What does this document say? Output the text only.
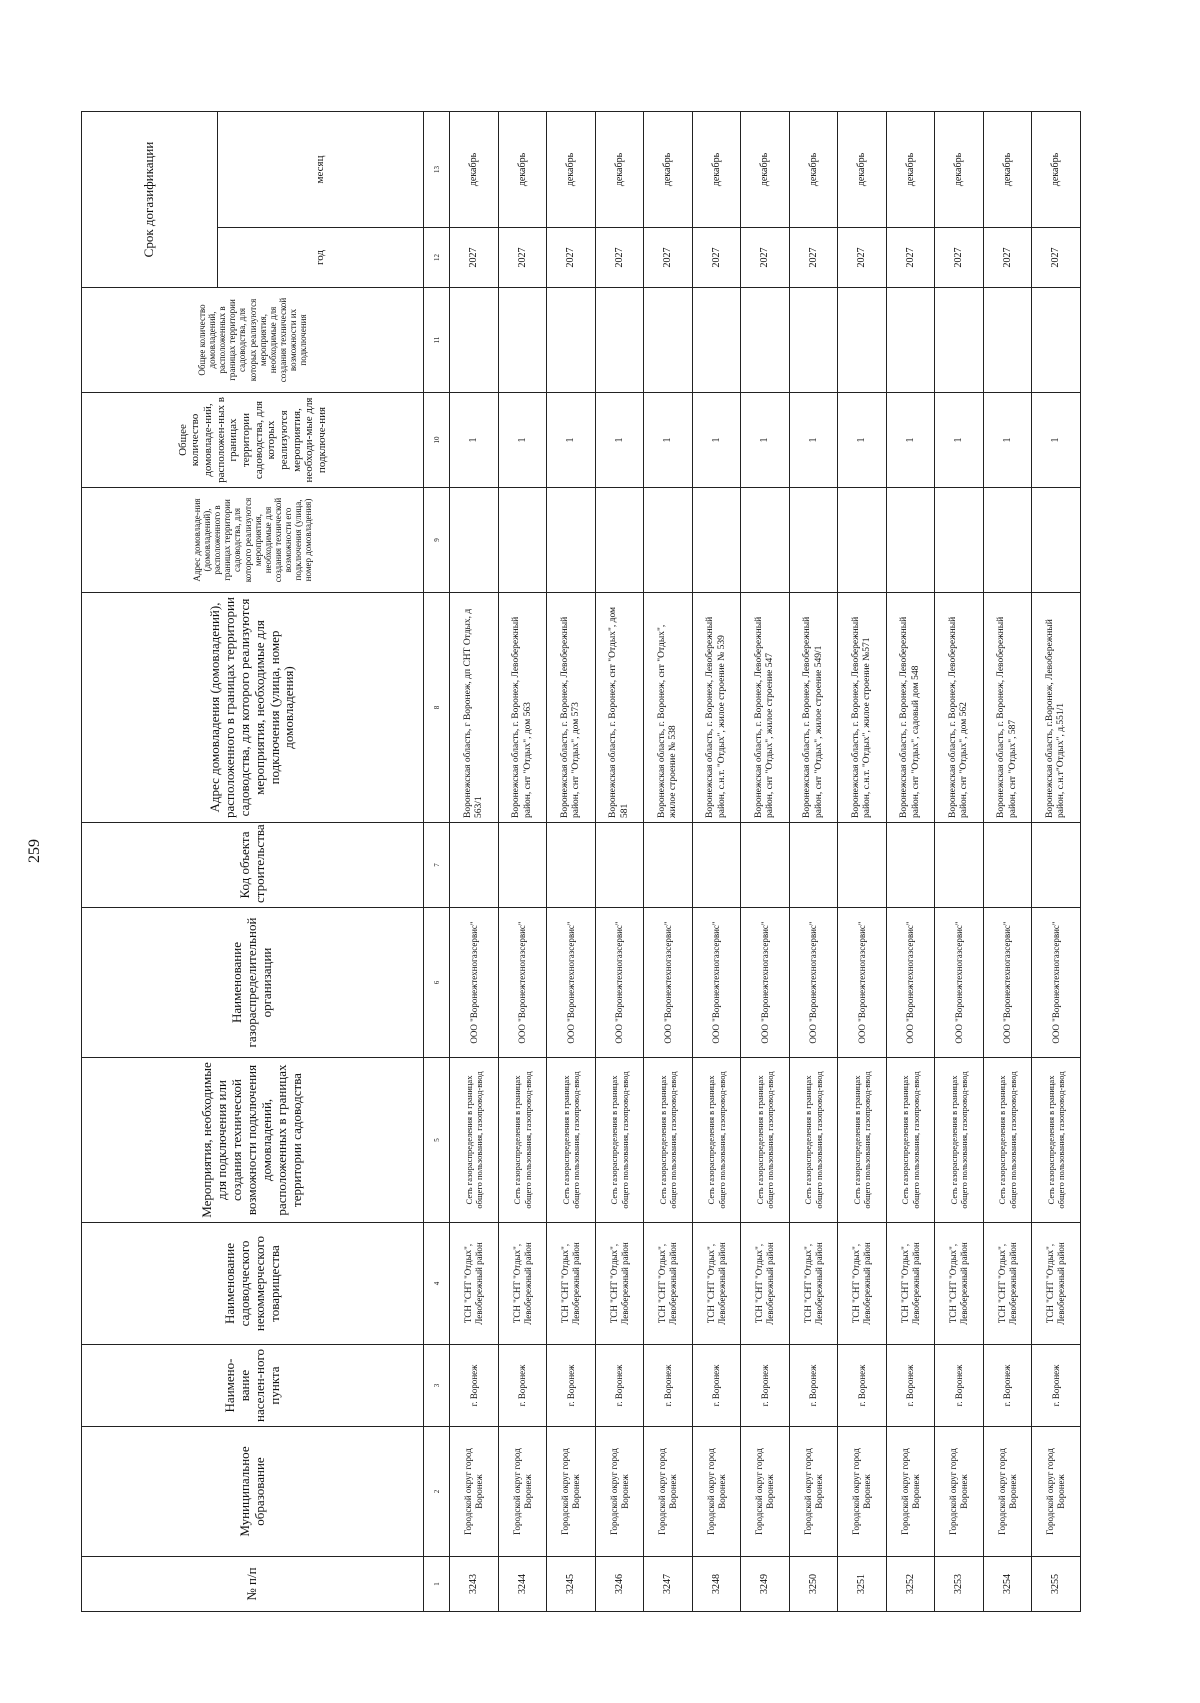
259
№ п/п	Муниципальное образование	Наимено-вание населен-ного пункта	Наименование садоводческого некоммерческого товарищества	Мероприятия, необходимые для подключения или создания технической возможности подключения домовладений, расположенных в границах территории садоводства	Наименование газораспределительной организации	Код объекта строительства	Адрес домовладения (домовладений), расположенного в границах территории садоводства, для которого реализуются мероприятия, необходимые для подключения (улица, номер домовладения)	Адрес домовладе-ния (домовладений), расположенного в границах территории садоводства, для которого реализуются мероприятия, необходимые для создания технической возможности его подключения (улица, номер домовладения)	Общее количество домовладе-ний, расположен-ных в границах территории садоводства, для которых реализуются мероприятия, необходи-мые для подключе-ния	Общее количество домовладений, расположенных в границах территории садоводства, для которых реализуются мероприятия, необходимые для создания технической возможности их подключения	Срок догазификации	
											год	месяц
1	2	3	4	5	6	7	8	9	10	11	12	13
3243	Городской округ город Воронеж	г. Воронеж	ТСН "СНТ "Отдых", Левобережный район	Сеть газораспределения в границах общего пользования, газопровод-ввод	ООО "Воронежтехногазсервис"		Воронежская область, г Воронеж, дп СНТ Отдых, д 563/1		1		2027	декабрь
3244	Городской округ город Воронеж	г. Воронеж	ТСН "СНТ "Отдых", Левобережный район	Сеть газораспределения в границах общего пользования, газопровод-ввод	ООО "Воронежтехногазсервис"		Воронежская область, г. Воронеж, Левобережный район, снт "Отдых", дом 563		1		2027	декабрь
3245	Городской округ город Воронеж	г. Воронеж	ТСН "СНТ "Отдых", Левобережный район	Сеть газораспределения в границах общего пользования, газопровод-ввод	ООО "Воронежтехногазсервис"		Воронежская область, г. Воронеж, Левобережный район, снт "Отдых", дом 573		1		2027	декабрь
3246	Городской округ город Воронеж	г. Воронеж	ТСН "СНТ "Отдых", Левобережный район	Сеть газораспределения в границах общего пользования, газопровод-ввод	ООО "Воронежтехногазсервис"		Воронежская область, г. Воронеж, снт "Отдых", дом 581		1		2027	декабрь
3247	Городской округ город Воронеж	г. Воронеж	ТСН "СНТ "Отдых", Левобережный район	Сеть газораспределения в границах общего пользования, газопровод-ввод	ООО "Воронежтехногазсервис"		Воронежская область, г. Воронеж, снт "Отдых", жилое строение № 538		1		2027	декабрь
3248	Городской округ город Воронеж	г. Воронеж	ТСН "СНТ "Отдых", Левобережный район	Сеть газораспределения в границах общего пользования, газопровод-ввод	ООО "Воронежтехногазсервис"		Воронежская область, г. Воронеж, Левобережный район, с.н.т. "Отдых", жилое строение № 539		1		2027	декабрь
3249	Городской округ город Воронеж	г. Воронеж	ТСН "СНТ "Отдых", Левобережный район	Сеть газораспределения в границах общего пользования, газопровод-ввод	ООО "Воронежтехногазсервис"		Воронежская область, г. Воронеж, Левобережный район, снт "Отдых", жилое строение 547		1		2027	декабрь
3250	Городской округ город Воронеж	г. Воронеж	ТСН "СНТ "Отдых", Левобережный район	Сеть газораспределения в границах общего пользования, газопровод-ввод	ООО "Воронежтехногазсервис"		Воронежская область, г. Воронеж, Левобережный район, снт "Отдых", жилое строение 549/1		1		2027	декабрь
3251	Городской округ город Воронеж	г. Воронеж	ТСН "СНТ "Отдых", Левобережный район	Сеть газораспределения в границах общего пользования, газопровод-ввод	ООО "Воронежтехногазсервис"		Воронежская область, г. Воронеж, Левобережный район, с.н.т. "Отдых", жилое строение №571		1		2027	декабрь
3252	Городской округ город Воронеж	г. Воронеж	ТСН "СНТ "Отдых", Левобережный район	Сеть газораспределения в границах общего пользования, газопровод-ввод	ООО "Воронежтехногазсервис"		Воронежская область, г. Воронеж, Левобережный район, снт "Отдых", садовый дом 548		1		2027	декабрь
3253	Городской округ город Воронеж	г. Воронеж	ТСН "СНТ "Отдых", Левобережный район	Сеть газораспределения в границах общего пользования, газопровод-ввод	ООО "Воронежтехногазсервис"		Воронежская область, г. Воронеж, Левобережный район, снт "Отдых", дом 562		1		2027	декабрь
3254	Городской округ город Воронеж	г. Воронеж	ТСН "СНТ "Отдых", Левобережный район	Сеть газораспределения в границах общего пользования, газопровод-ввод	ООО "Воронежтехногазсервис"		Воронежская область, г. Воронеж, Левобережный район, снт "Отдых", 587		1		2027	декабрь
3255	Городской округ город Воронеж	г. Воронеж	ТСН "СНТ "Отдых", Левобережный район	Сеть газораспределения в границах общего пользования, газопровод-ввод	ООО "Воронежтехногазсервис"		Воронежская область, г.Воронеж, Левобережный район, с.н.т"Отдых", д.551/1		1		2027	декабрь
